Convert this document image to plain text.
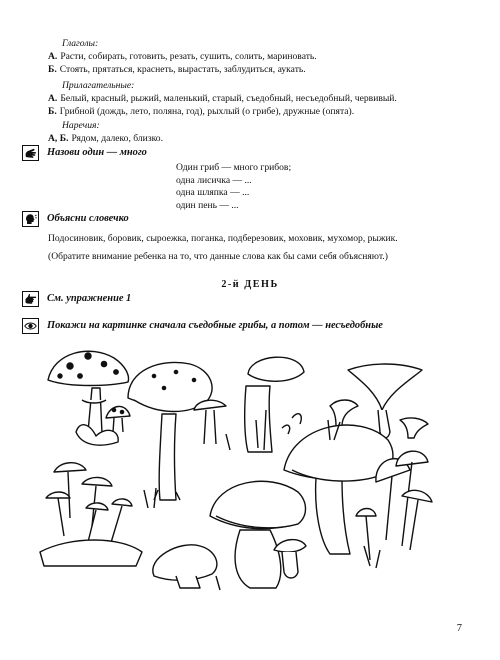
Глаголы:
А. Расти, собирать, готовить, резать, сушить, солить, мариновать.
Б. Стоять, прятаться, краснеть, вырастать, заблудиться, аукать.
Прилагательные:
А. Белый, красный, рыжий, маленький, старый, съедобный, несъедобный, червивый.
Б. Грибной (дождь, лето, поляна, год), рыхлый (о грибе), дружные (опята).
Наречия:
А, Б. Рядом, далеко, близко.
Назови один — много
Один гриб — много грибов;
одна лисичка — ...
одна шляпка — ...
один пень — ...
Объясни словечко
Подосиновик, боровик, сыроежка, поганка, подберезовик, моховик, мухомор, рыжик.
(Обратите внимание ребенка на то, что данные слова как бы сами себя объясняют.)
2-й ДЕНЬ
См. упражнение 1
Покажи на картинке сначала съедобные грибы, а потом — несъедобные
7
